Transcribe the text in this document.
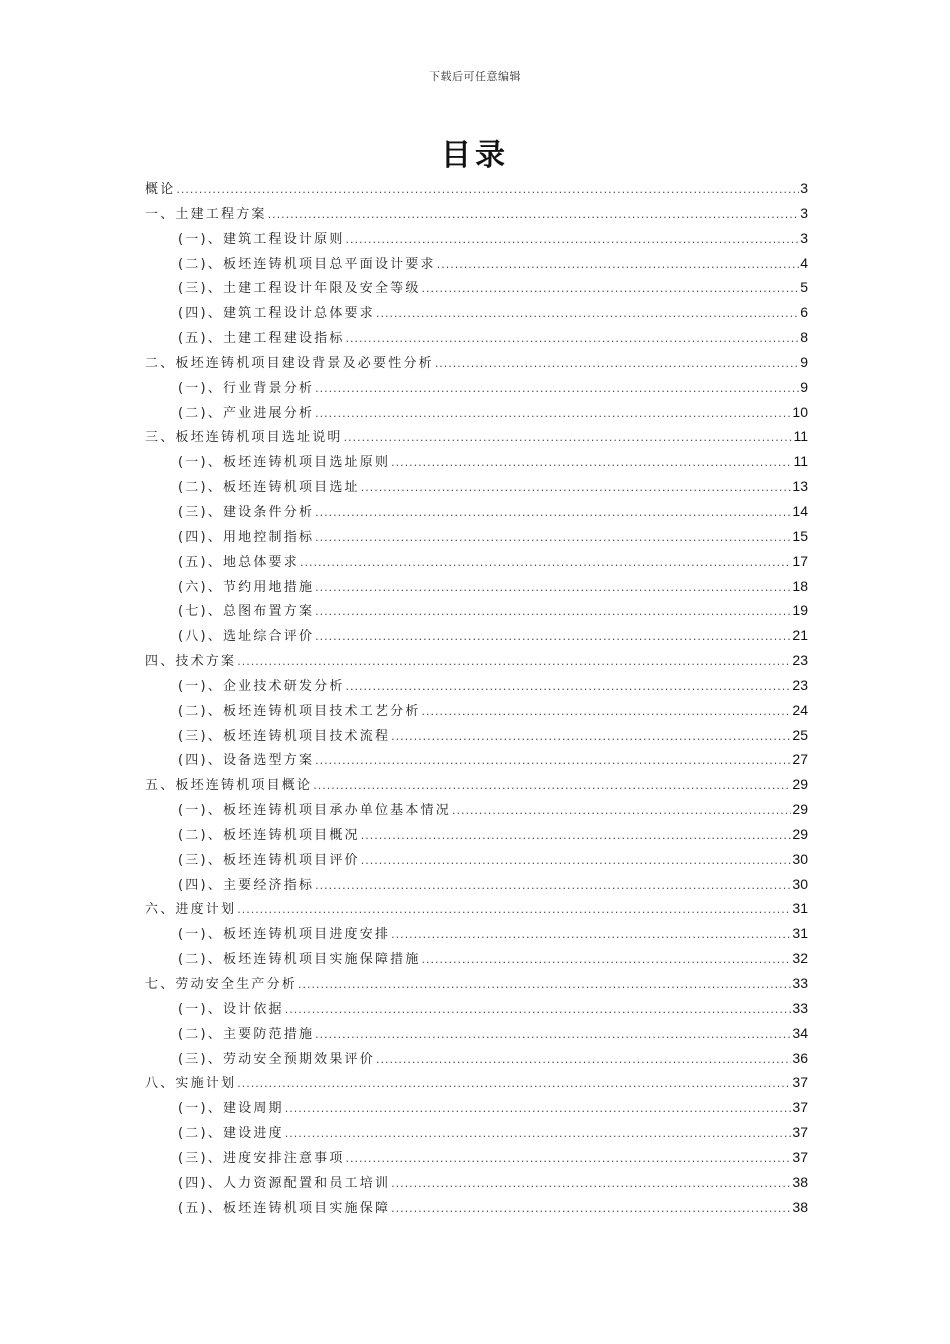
下载后可任意编辑
目录
概论 .....	3
一、土建工程方案 .....	3
(一)、建筑工程设计原则 .....	3
(二)、板坯连铸机项目总平面设计要求 .....	4
(三)、土建工程设计年限及安全等级 .....	5
(四)、建筑工程设计总体要求 .....	6
(五)、土建工程建设指标 .....	8
二、板坯连铸机项目建设背景及必要性分析 .....	9
(一)、行业背景分析 .....	9
(二)、产业进展分析 .....	10
三、板坯连铸机项目选址说明 .....	11
(一)、板坯连铸机项目选址原则 .....	11
(二)、板坯连铸机项目选址 .....	13
(三)、建设条件分析 .....	14
(四)、用地控制指标 .....	15
(五)、地总体要求 .....	17
(六)、节约用地措施 .....	18
(七)、总图布置方案 .....	19
(八)、选址综合评价 .....	21
四、技术方案 .....	23
(一)、企业技术研发分析 .....	23
(二)、板坯连铸机项目技术工艺分析 .....	24
(三)、板坯连铸机项目技术流程 .....	25
(四)、设备选型方案 .....	27
五、板坯连铸机项目概论 .....	29
(一)、板坯连铸机项目承办单位基本情况 .....	29
(二)、板坯连铸机项目概况 .....	29
(三)、板坯连铸机项目评价 .....	30
(四)、主要经济指标 .....	30
六、进度计划 .....	31
(一)、板坯连铸机项目进度安排 .....	31
(二)、板坯连铸机项目实施保障措施 .....	32
七、劳动安全生产分析 .....	33
(一)、设计依据 .....	33
(二)、主要防范措施 .....	34
(三)、劳动安全预期效果评价 .....	36
八、实施计划 .....	37
(一)、建设周期 .....	37
(二)、建设进度 .....	37
(三)、进度安排注意事项 .....	37
(四)、人力资源配置和员工培训 .....	38
(五)、板坯连铸机项目实施保障 .....	38
